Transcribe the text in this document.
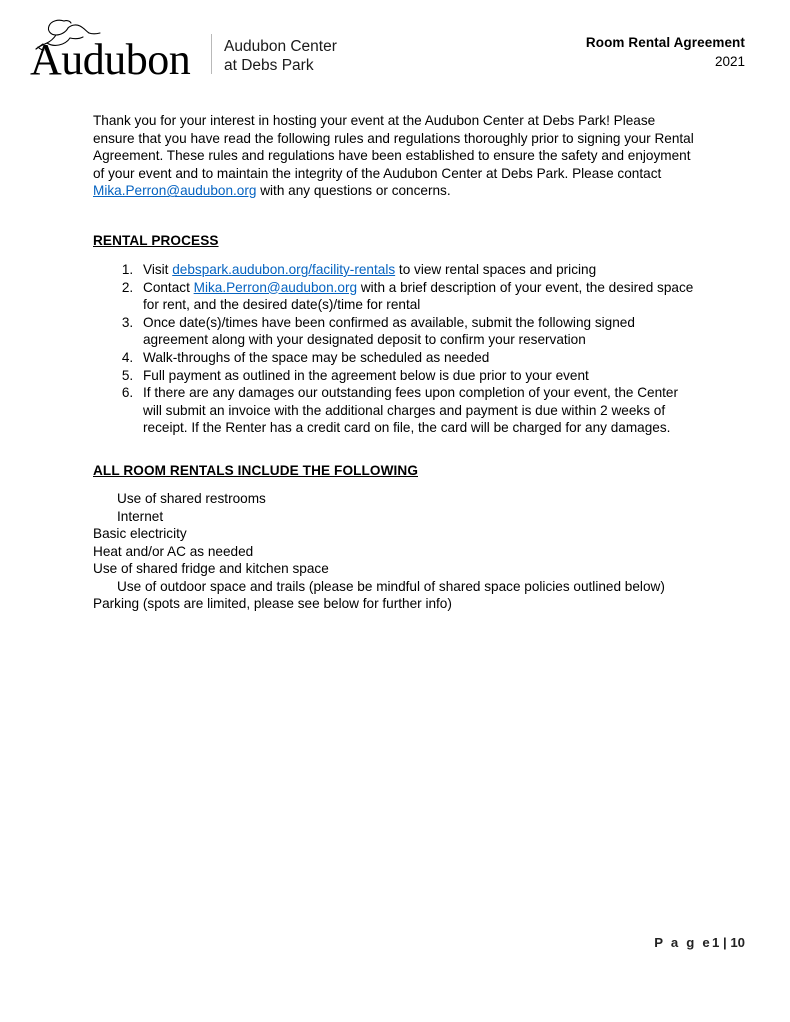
Audubon Audubon Center
at Debs Park
Room Rental Agreement
2021

Thank you for your interest in hosting your event at the Audubon Center at Debs Park! Please ensure that you have read the following rules and regulations thoroughly prior to signing your Rental Agreement. These rules and regulations have been established to ensure the safety and enjoyment of your event and to maintain the integrity of the Audubon Center at Debs Park. Please contact Mika.Perron@audubon.org with any questions or concerns.

RENTAL PROCESS

1. Visit debspark.audubon.org/facility-rentals to view rental spaces and pricing
2. Contact Mika.Perron@audubon.org with a brief description of your event, the desired space for rent, and the desired date(s)/time for rental
3. Once date(s)/times have been confirmed as available, submit the following signed agreement along with your designated deposit to confirm your reservation
4. Walk-throughs of the space may be scheduled as needed
5. Full payment as outlined in the agreement below is due prior to your event
6. If there are any damages our outstanding fees upon completion of your event, the Center will submit an invoice with the additional charges and payment is due within 2 weeks of receipt. If the Renter has a credit card on file, the card will be charged for any damages.

ALL ROOM RENTALS INCLUDE THE FOLLOWING

Use of shared restrooms
Internet
Basic electricity
Heat and/or AC as needed
Use of shared fridge and kitchen space
Use of outdoor space and trails (please be mindful of shared space policies outlined below)
Parking (spots are limited, please see below for further info)
P a g e1 | 10
